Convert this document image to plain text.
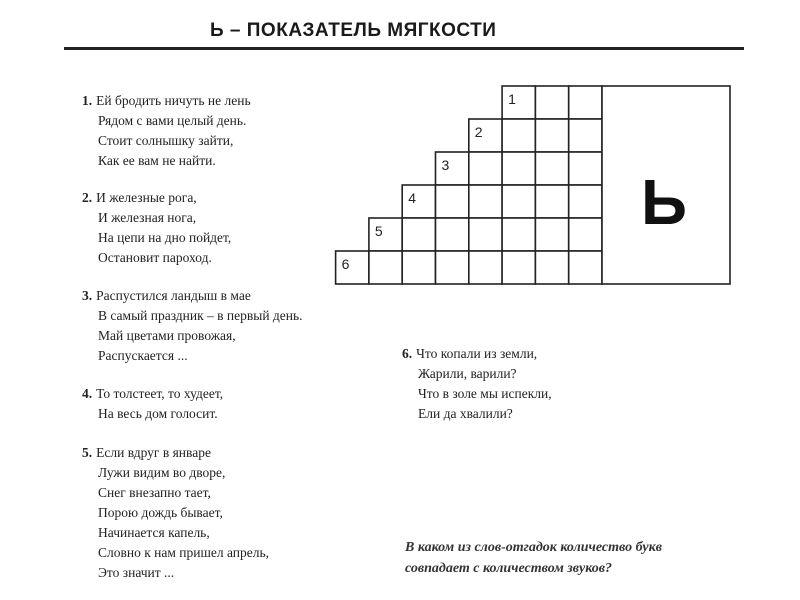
Ь – ПОКАЗАТЕЛЬ МЯГКОСТИ
1. Ей бродить ничуть не лень
Рядом с вами целый день.
Стоит солнышку зайти,
Как ее вам не найти.
2. И железные рога,
И железная нога,
На цепи на дно пойдет,
Остановит пароход.
3. Распустился ландыш в мае
В самый праздник – в первый день.
Май цветами провожая,
Распускается ...
4. То толстеет, то худеет,
На весь дом голосит.
5. Если вдруг в январе
Лужи видим во дворе,
Снег внезапно тает,
Порою дождь бывает,
Начинается капель,
Словно к нам пришел апрель,
Это значит ...
6. Что копали из земли,
Жарили, варили?
Что в золе мы испекли,
Ели да хвалили?
1
2
3
4
5
6
Ь
В каком из слов-отгадок количество букв
совпадает с количеством звуков?
